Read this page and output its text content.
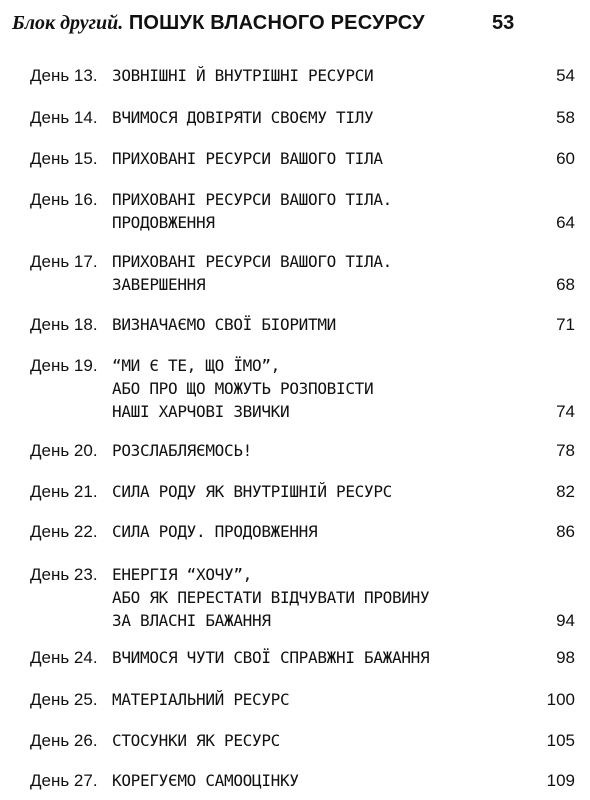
Блок другий. ПОШУК ВЛАСНОГО РЕСУРСУ	53
День 13. ЗОВНІШНІ Й ВНУТРІШНІ РЕСУРСИ	54
День 14. ВЧИМОСЯ ДОВІРЯТИ СВОЄМУ ТІЛУ	58
День 15. ПРИХОВАНІ РЕСУРСИ ВАШОГО ТІЛА	60
День 16. ПРИХОВАНІ РЕСУРСИ ВАШОГО ТІЛА.
ПРОДОВЖЕННЯ	64
День 17. ПРИХОВАНІ РЕСУРСИ ВАШОГО ТІЛА.
ЗАВЕРШЕННЯ	68
День 18. ВИЗНАЧАЄМО СВОЇ БІОРИТМИ	71
День 19. “МИ Є ТЕ, ЩО ЇМО”,
АБО ПРО ЩО МОЖУТЬ РОЗПОВІСТИ
НАШІ ХАРЧОВІ ЗВИЧКИ	74
День 20. РОЗСЛАБЛЯЄМОСЬ!	78
День 21. СИЛА РОДУ ЯК ВНУТРІШНІЙ РЕСУРС	82
День 22. СИЛА РОДУ. ПРОДОВЖЕННЯ	86
День 23. ЕНЕРГІЯ “ХОЧУ”,
АБО ЯК ПЕРЕСТАТИ ВІДЧУВАТИ ПРОВИНУ
ЗА ВЛАСНІ БАЖАННЯ	94
День 24. ВЧИМОСЯ ЧУТИ СВОЇ СПРАВЖНІ БАЖАННЯ	98
День 25. МАТЕРІАЛЬНИЙ РЕСУРС	100
День 26. СТОСУНКИ ЯК РЕСУРС	105
День 27. КОРЕГУЄМО САМООЦІНКУ	109
